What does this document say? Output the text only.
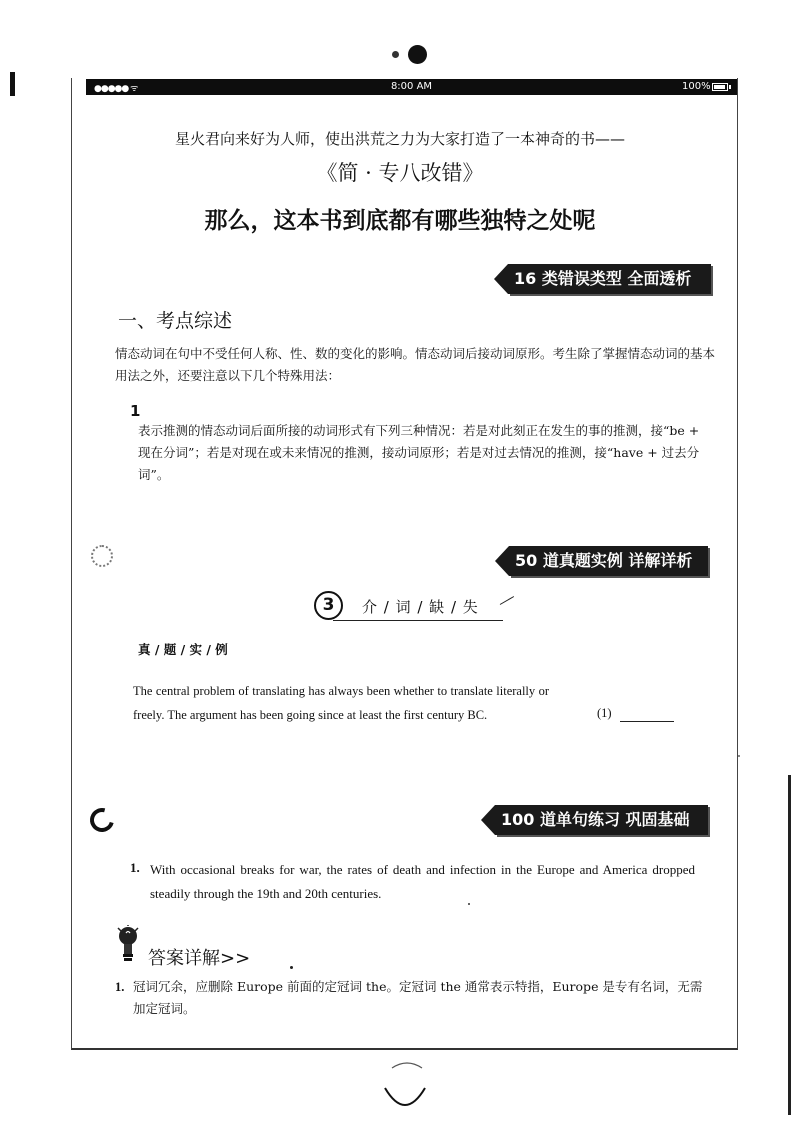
●●●●● ᯤ	8:00 AM	100%
星火君向来好为人师，使出洪荒之力为大家打造了一本神奇的书——
《简 · 专八改错》
那么，这本书到底都有哪些独特之处呢
16 类错误类型 全面透析
一、考点综述
情态动词在句中不受任何人称、性、数的变化的影响。情态动词后接动词原形。考生除了掌握情态动词的基本用法之外，还要注意以下几个特殊用法：
1
表示推测的情态动词后面所接的动词形式有下列三种情况：若是对此刻正在发生的事的推测，接“be + 现在分词”；若是对现在或未来情况的推测，接动词原形；若是对过去情况的推测，接“have + 过去分词”。
50 道真题实例 详解详析
3	介 / 词 / 缺 / 失
真 / 题 / 实 / 例
The central problem of translating has always been whether to translate literally or freely. The argument has been going since at least the first century BC.	(1)
100 道单句练习 巩固基础
1. With occasional breaks for war, the rates of death and infection in the Europe and America dropped steadily through the 19th and 20th centuries.
答案详解>>
1. 冠词冗余，应删除 Europe 前面的定冠词 the。定冠词 the 通常表示特指，Europe 是专有名词，无需加定冠词。
